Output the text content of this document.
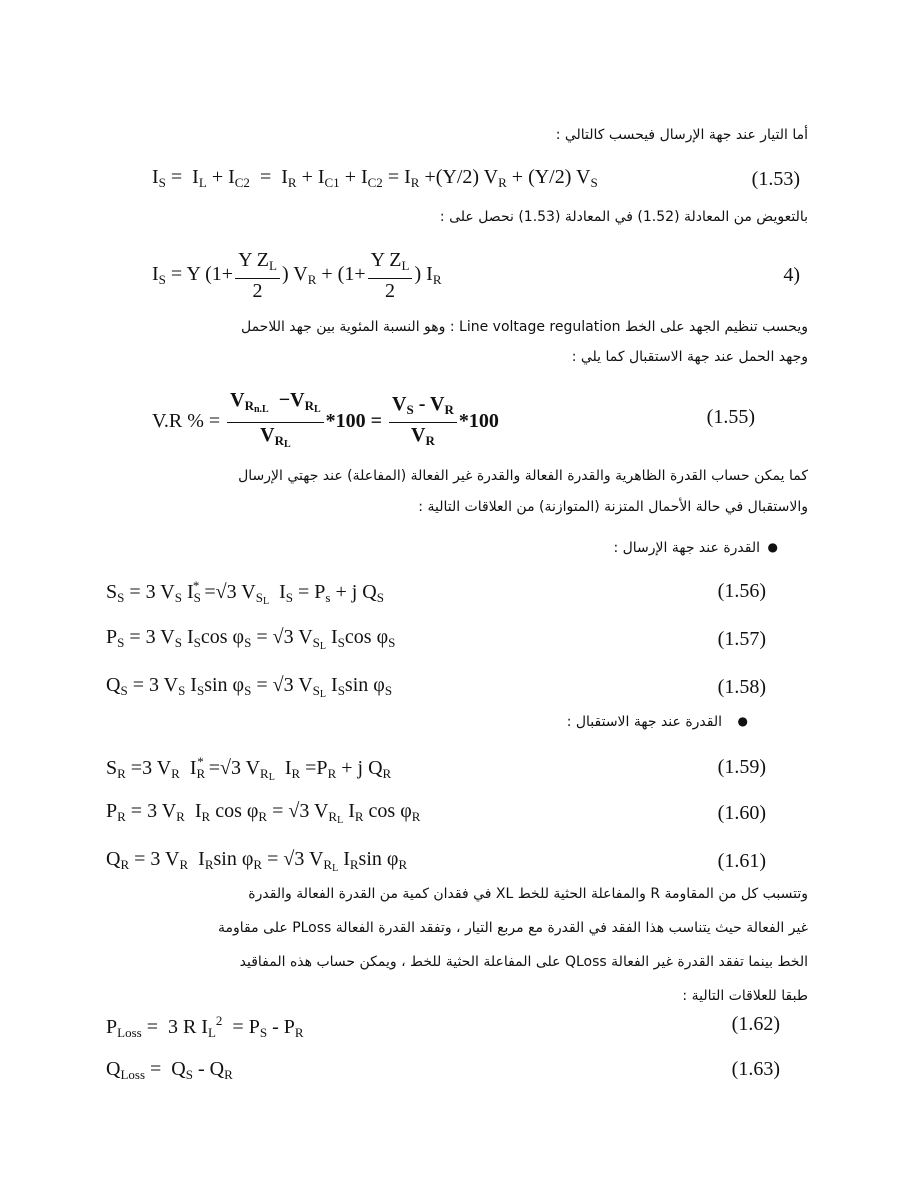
أما التيار عند جهة الإرسال فيحسب كالتالي :
$I_S = I_L + I_{C2} = I_R + I_{C1} + I_{C2} = I_R +(Y/2) V_R + (Y/2)$ $V_S$	(1.53)
بالتعويض من المعادلة (1.52) في المعادلة (1.53) نحصل على :
$I_S = Y$ ($1+ \frac{Y Z_L}{2}$ ) $V_R + (1+ \frac{Y Z_L}{2}$ ) $I_R$	4)
ويحسب تنظيم الجهد على الخط Line voltage regulation : وهو النسبة المئوية بين جهد اللاحمل
وجهد الحمل عند جهة الاستقبال كما يلي :
V.R % = $\frac{V_{Rn.L} -V_{RL}}{V_{RL}} *100 = \frac{V_S - V_R}{V_R} *100$	(1.55)
كما يمكن حساب القدرة الظاهرية والقدرة الفعالة والقدرة غير الفعالة (المفاعلة) عند جهتي الإرسال
والاستقبال في حالة الأحمال المتزنة (المتوازنة) من العلاقات التالية :
القدرة عند جهة الإرسال : ●
$S_S = 3$ $V_S$ $I_S^* =√3$ $V_{SL}$  $I_S = P_s + j$ $Q_S$	(1.56)
$P_S = 3$ $V_S$ $I_S\cos$ $\varphi_S = √3$ $V_{SL}$ $I_S\cos$ $\varphi_S$	(1.57)
$Q_S = 3$ $V_S$ $I_S\sin$ $\varphi_S = √3$ $V_{SL}$ $I_S\sin$ $\varphi_S$	(1.58)
القدرة عند جهة الاستقبال : ●
$S_R =3$ $V_R$  $I_R^* =√3$ $V_{RL}$  $I_R =P_R + j$ $Q_R$	(1.59)
$P_R = 3$ $V_R$  $I_R$ $\cos \varphi_R = √3$ $V_{RL}$ $I_R$ $\cos \varphi_R$	(1.60)
$Q_R = 3$ $V_R$  $I_R\sin$ $\varphi_R = √3$ $V_{RL}$ $I_R\sin$ $\varphi_R$	(1.61)
وتتسبب كل من المقاومة R والمفاعلة الحثية للخط XL في فقدان كمية من القدرة الفعالة والقدرة
غير الفعالة حيث يتناسب هذا الفقد في القدرة مع مربع التيار ، وتفقد القدرة الفعالة PLoss على مقاومة
الخط بينما تفقد القدرة غير الفعالة QLoss على المفاعلة الحثية للخط ، ويمكن حساب هذه المفاقيد
طبقا للعلاقات التالية :
$P_{Loss} = 3$ R $I_L^2 = P_S - P_R$	(1.62)
$Q_{Loss} = Q_S - Q_R$	(1.63)
